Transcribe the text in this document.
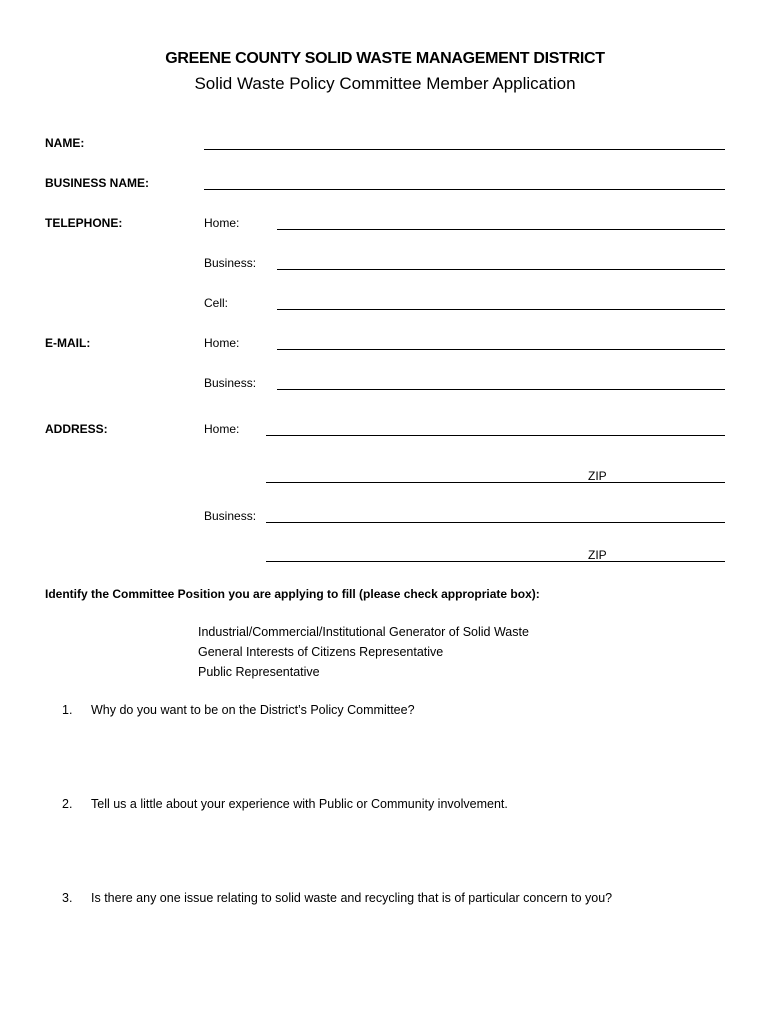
GREENE COUNTY SOLID WASTE MANAGEMENT DISTRICT
Solid Waste Policy Committee Member Application
NAME:
BUSINESS NAME:
TELEPHONE:	Home:
Business:
Cell:
E-MAIL:	Home:
Business:
ADDRESS:	Home:
ZIP
Business:
ZIP
Identify the Committee Position you are applying to fill (please check appropriate box):
Industrial/Commercial/Institutional Generator of Solid Waste
General Interests of Citizens Representative
Public Representative
1. Why do you want to be on the District’s Policy Committee?
2. Tell us a little about your experience with Public or Community involvement.
3. Is there any one issue relating to solid waste and recycling that is of particular concern to you?
